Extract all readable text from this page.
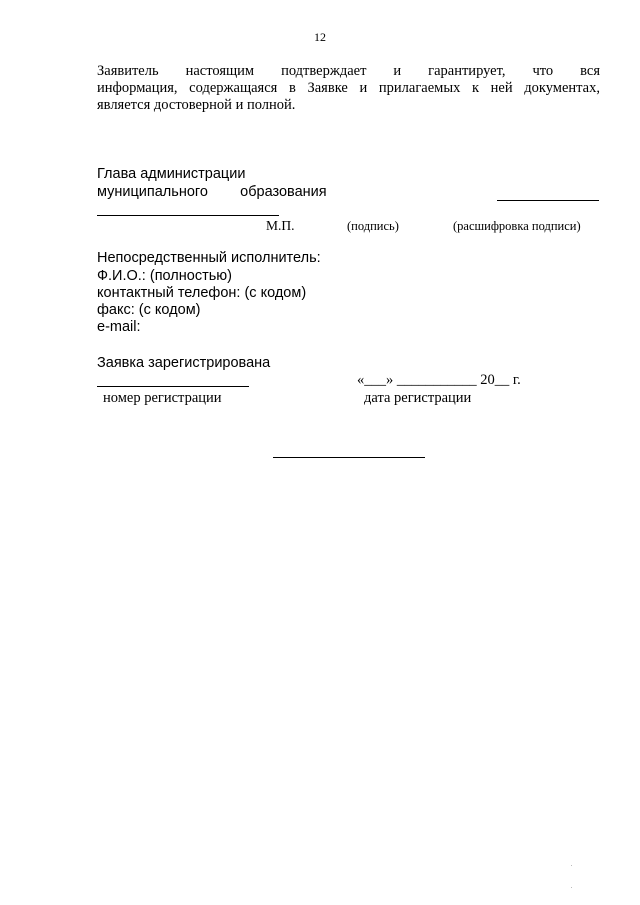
12
Заявитель настоящим подтверждает и гарантирует, что вся
информация, содержащаяся в Заявке и прилагаемых к ней документах,
является достоверной и полной.
Глава администрации
муниципального        образования
М.П.	(подпись)	(расшифровка подписи)
Непосредственный исполнитель:
Ф.И.О.: (полностью)
контактный телефон: (с кодом)
факс: (с кодом)
e-mail:
Заявка зарегистрирована
«___» ___________ 20__ г.
номер регистрации	дата регистрации
